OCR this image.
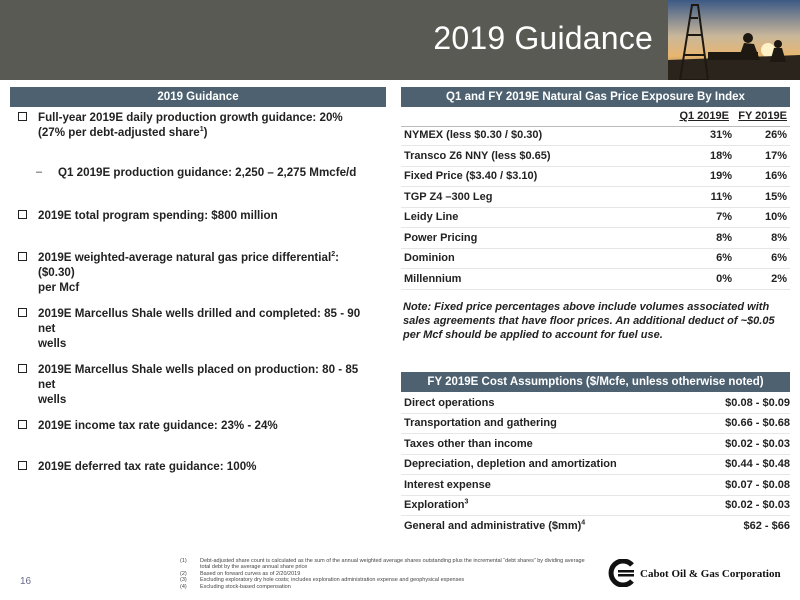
2019 Guidance
2019 Guidance
Full-year 2019E daily production growth guidance: 20%
(27% per debt-adjusted share$^1$)
– Q1 2019E production guidance: 2,250 – 2,275 Mmcfe/d
2019E total program spending: $800 million
2019E weighted-average natural gas price differential$^2$: ($0.30)
per Mcf
2019E Marcellus Shale wells drilled and completed: 85 - 90 net
wells
2019E Marcellus Shale wells placed on production: 80 - 85 net
wells
2019E income tax rate guidance: 23% - 24%
2019E deferred tax rate guidance: 100%
Q1 and FY 2019E Natural Gas Price Exposure By Index
Q1 2019E FY 2019E
NYMEX (less $0.30 / $0.30)	31%	26%
Transco Z6 NNY (less $0.65)	18%	17%
Fixed Price ($3.40 / $3.10)	19%	16%
TGP Z4 –300 Leg	11%	15%
Leidy Line	7%	10%
Power Pricing	8%	8%
Dominion	6%	6%
Millennium	0%	2%
Note: Fixed price percentages above include volumes associated with sales agreements that have floor prices. An additional deduct of ~$0.05 per Mcf should be applied to account for fuel use.
FY 2019E Cost Assumptions ($/Mcfe, unless otherwise noted)
Direct operations	$0.08 - $0.09
Transportation and gathering	$0.66 - $0.68
Taxes other than income	$0.02 - $0.03
Depreciation, depletion and amortization	$0.44 - $0.48
Interest expense	$0.07 - $0.08
Exploration$^3$	$0.02 - $0.03
General and administrative ($mm)$^4$	$62 - $66
(1)	Debt-adjusted share count is calculated as the sum of the annual weighted average shares outstanding plus the incremental “debt shares” by dividing average total debt by the average annual share price
(2)	Based on forward curves as of 2/20/2019
(3)	Excluding exploratory dry hole costs; includes exploration administration expense and geophysical expenses
(4)	Excluding stock-based compensation
16
Cabot Oil & Gas Corporation
